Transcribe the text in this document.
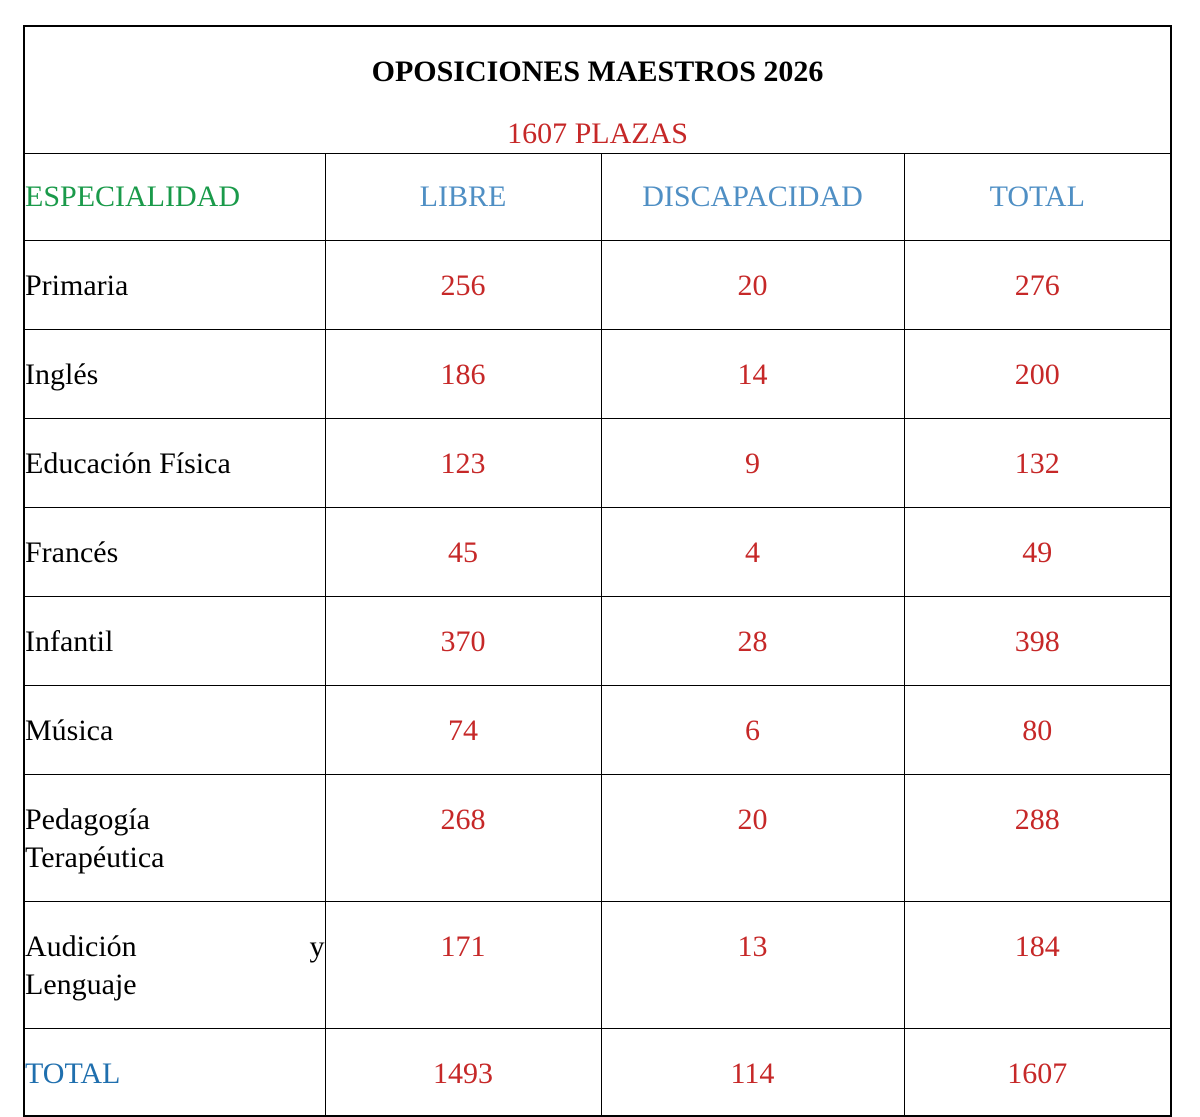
OPOSICIONES MAESTROS 2026
1607 PLAZAS			

ESPECIALIDAD	LIBRE	DISCAPACIDAD	TOTAL
Primaria	256	20	276
Inglés	186	14	200
Educación Física	123	9	132
Francés	45	4	49
Infantil	370	28	398
Música	74	6	80

Pedagogía
Terapéutica	268	20	288

Audición y
Lenguaje	171	13	184
TOTAL	1493	114	1607
